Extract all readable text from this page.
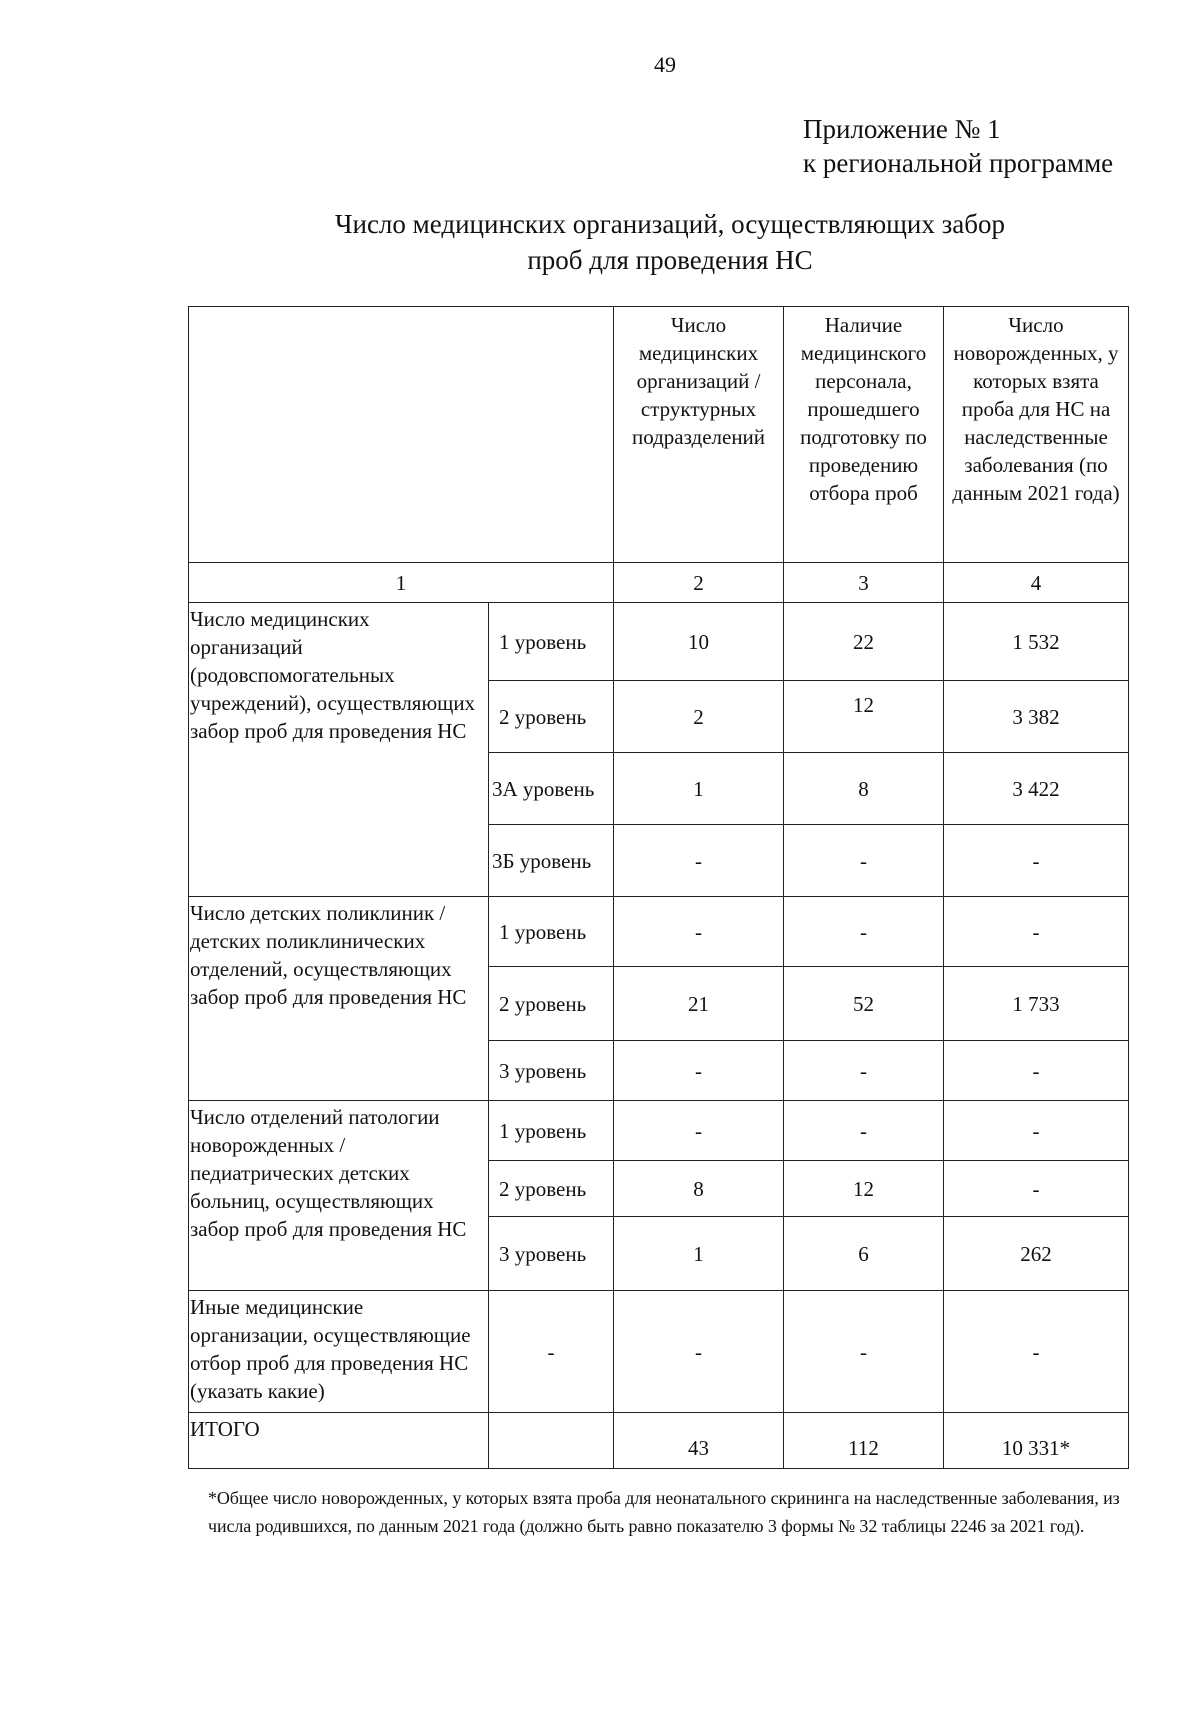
49
Приложение № 1
к региональной программе
Число медицинских организаций, осуществляющих забор
проб для проведения НС
		Число медицинских организаций / структурных подразделений	Наличие медицинского персонала, прошедшего подготовку по проведению отбора проб	Число новорожденных, у которых взята проба для НС на наследственные заболевания (по данным 2021 года)
1		2	3	4
Число медицинских организаций (родовспомогательных учреждений), осуществляющих забор проб для проведения НС	1 уровень	10	22	1 532
	2 уровень	2	12	3 382
	3А уровень	1	8	3 422
	3Б уровень	-	-	-
Число детских поликлиник / детских поликлинических отделений, осуществляющих забор проб для проведения НС	1 уровень	-	-	-
	2 уровень	21	52	1 733
	3 уровень	-	-	-
Число отделений патологии новорожденных / педиатрических детских больниц, осуществляющих забор проб для проведения НС	1 уровень	-	-	-
	2 уровень	8	12	-
	3 уровень	1	6	262
Иные медицинские организации, осуществляющие отбор проб для проведения НС (указать какие)	-	-	-	-
ИТОГО		43	112	10 331*
*Общее число новорожденных, у которых взята проба для неонатального скрининга на наследственные заболевания, из числа родившихся, по данным 2021 года (должно быть равно показателю 3 формы № 32 таблицы 2246 за 2021 год).
